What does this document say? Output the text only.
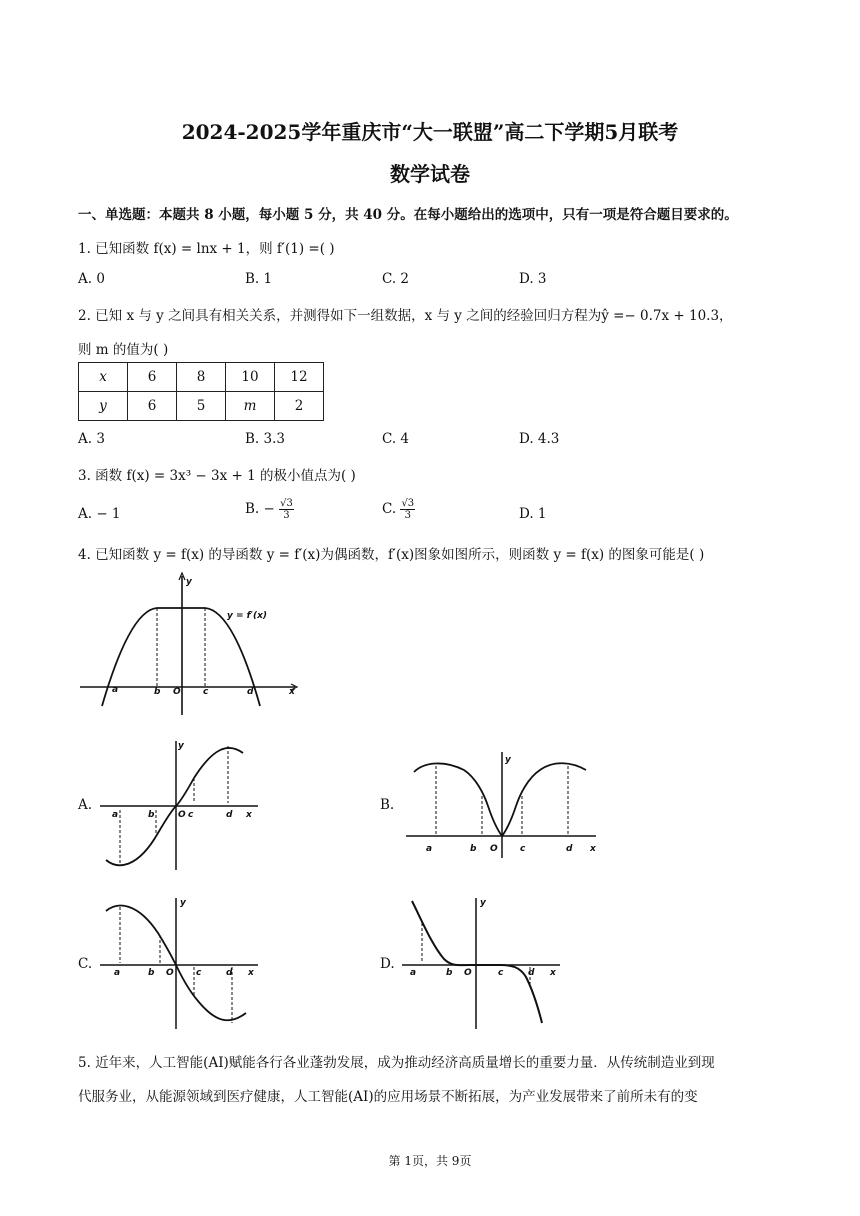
2024-2025学年重庆市“大一联盟”高二下学期5月联考
数学试卷
一、单选题：本题共 8 小题，每小题 5 分，共 40 分。在每小题给出的选项中，只有一项是符合题目要求的。
1. 已知函数 f(x) = lnx + 1，则 f′(1) =( )
A. 0	B. 1	C. 2	D. 3
2. 已知 x 与 y 之间具有相关关系，并测得如下一组数据，x 与 y 之间的经验回归方程为ŷ =− 0.7x + 10.3，
则 m 的值为( )
x	6	8	10	12
y	6	5	m	2
A. 3	B. 3.3	C. 4	D. 4.3
3. 函数 f(x) = 3x³ − 3x + 1 的极小值点为( )
A. − 1	B. − $\frac{√3}{3}$	C. $\frac{√3}{3}$	D. 1
4. 已知函数 y = f(x) 的导函数 y = f′(x)为偶函数，f′(x)图象如图所示，则函数 y = f(x) 的图象可能是( )
a	b O c	d	x
y
y = f′(x)
A.
a	b	O c	d x
y
B.
a	b O c	d x
y
C.
a	b O c	d x
y
D.
a	b O	c	d x
y
5. 近年来，人工智能(AI)赋能各行各业蓬勃发展，成为推动经济高质量增长的重要力量．从传统制造业到现
代服务业，从能源领域到医疗健康，人工智能(AI)的应用场景不断拓展，为产业发展带来了前所未有的变
第 1页，共 9页
